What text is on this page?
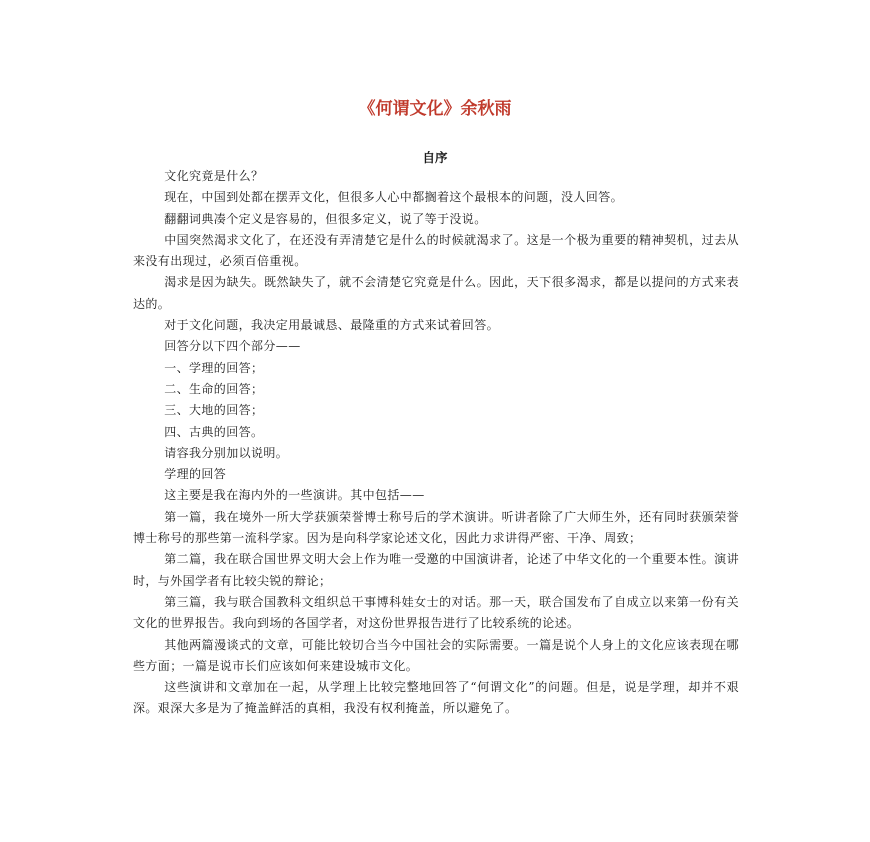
《何谓文化》余秋雨
自序

文化究竟是什么？

现在，中国到处都在摆弄文化，但很多人心中都搁着这个最根本的问题，没人回答。

翻翻词典凑个定义是容易的，但很多定义，说了等于没说。

中国突然渴求文化了，在还没有弄清楚它是什么的时候就渴求了。这是一个极为重要的精神契机，过去从来没有出现过，必须百倍重视。

渴求是因为缺失。既然缺失了，就不会清楚它究竟是什么。因此，天下很多渴求，都是以提问的方式来表达的。

对于文化问题，我决定用最诚恳、最隆重的方式来试着回答。

回答分以下四个部分——

一、学理的回答；

二、生命的回答；

三、大地的回答；

四、古典的回答。

请容我分别加以说明。

学理的回答

这主要是我在海内外的一些演讲。其中包括——

第一篇，我在境外一所大学获颁荣誉博士称号后的学术演讲。听讲者除了广大师生外，还有同时获颁荣誉博士称号的那些第一流科学家。因为是向科学家论述文化，因此力求讲得严密、干净、周致；

第二篇，我在联合国世界文明大会上作为唯一受邀的中国演讲者，论述了中华文化的一个重要本性。演讲时，与外国学者有比较尖锐的辩论；

第三篇，我与联合国教科文组织总干事博科娃女士的对话。那一天，联合国发布了自成立以来第一份有关文化的世界报告。我向到场的各国学者，对这份世界报告进行了比较系统的论述。

其他两篇漫谈式的文章，可能比较切合当今中国社会的实际需要。一篇是说个人身上的文化应该表现在哪些方面；一篇是说市长们应该如何来建设城市文化。

这些演讲和文章加在一起，从学理上比较完整地回答了“何谓文化”的问题。但是，说是学理，却并不艰深。艰深大多是为了掩盖鲜活的真相，我没有权利掩盖，所以避免了。
